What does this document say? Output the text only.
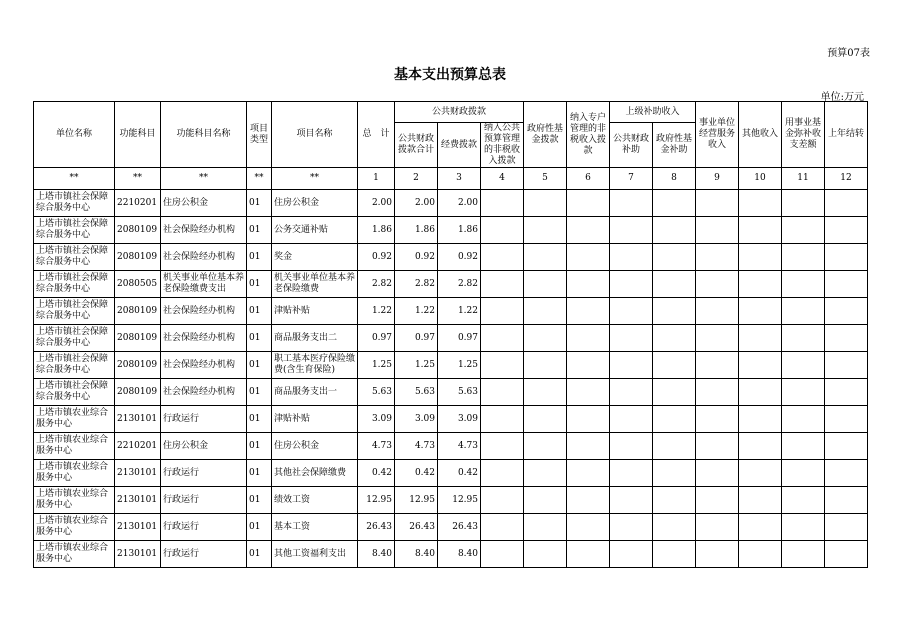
预算07表
基本支出预算总表
单位:万元
单位名称	功能科目	功能科目名称	项目类型	项目名称	总　计	公共财政拨款			政府性基金拨款	纳入专户管理的非税收入拨款	上级补助收入		事业单位经营服务收入	其他收入	用事业基金弥补收支差额	上年结转
						公共财政拨款合计	经费拨款	纳入公共预算管理的非税收入拨款								
											公共财政补助	政府性基金补助				
**	**	**	**	**	1	2	3	4	5	6	7	8	9	10	11	12
上塔市镇社会保障综合服务中心	2210201	住房公积金	01	住房公积金	2.00	2.00	2.00									
上塔市镇社会保障综合服务中心	2080109	社会保险经办机构	01	公务交通补贴	1.86	1.86	1.86									
上塔市镇社会保障综合服务中心	2080109	社会保险经办机构	01	奖金	0.92	0.92	0.92									
上塔市镇社会保障综合服务中心	2080505	机关事业单位基本养老保险缴费支出	01	机关事业单位基本养老保险缴费	2.82	2.82	2.82									
上塔市镇社会保障综合服务中心	2080109	社会保险经办机构	01	津贴补贴	1.22	1.22	1.22									
上塔市镇社会保障综合服务中心	2080109	社会保险经办机构	01	商品服务支出二	0.97	0.97	0.97									
上塔市镇社会保障综合服务中心	2080109	社会保险经办机构	01	职工基本医疗保险缴费(含生育保险)	1.25	1.25	1.25									
上塔市镇社会保障综合服务中心	2080109	社会保险经办机构	01	商品服务支出一	5.63	5.63	5.63									
上塔市镇农业综合服务中心	2130101	行政运行	01	津贴补贴	3.09	3.09	3.09									
上塔市镇农业综合服务中心	2210201	住房公积金	01	住房公积金	4.73	4.73	4.73									
上塔市镇农业综合服务中心	2130101	行政运行	01	其他社会保障缴费	0.42	0.42	0.42									
上塔市镇农业综合服务中心	2130101	行政运行	01	绩效工资	12.95	12.95	12.95									
上塔市镇农业综合服务中心	2130101	行政运行	01	基本工资	26.43	26.43	26.43									
上塔市镇农业综合服务中心	2130101	行政运行	01	其他工资福利支出	8.40	8.40	8.40									
